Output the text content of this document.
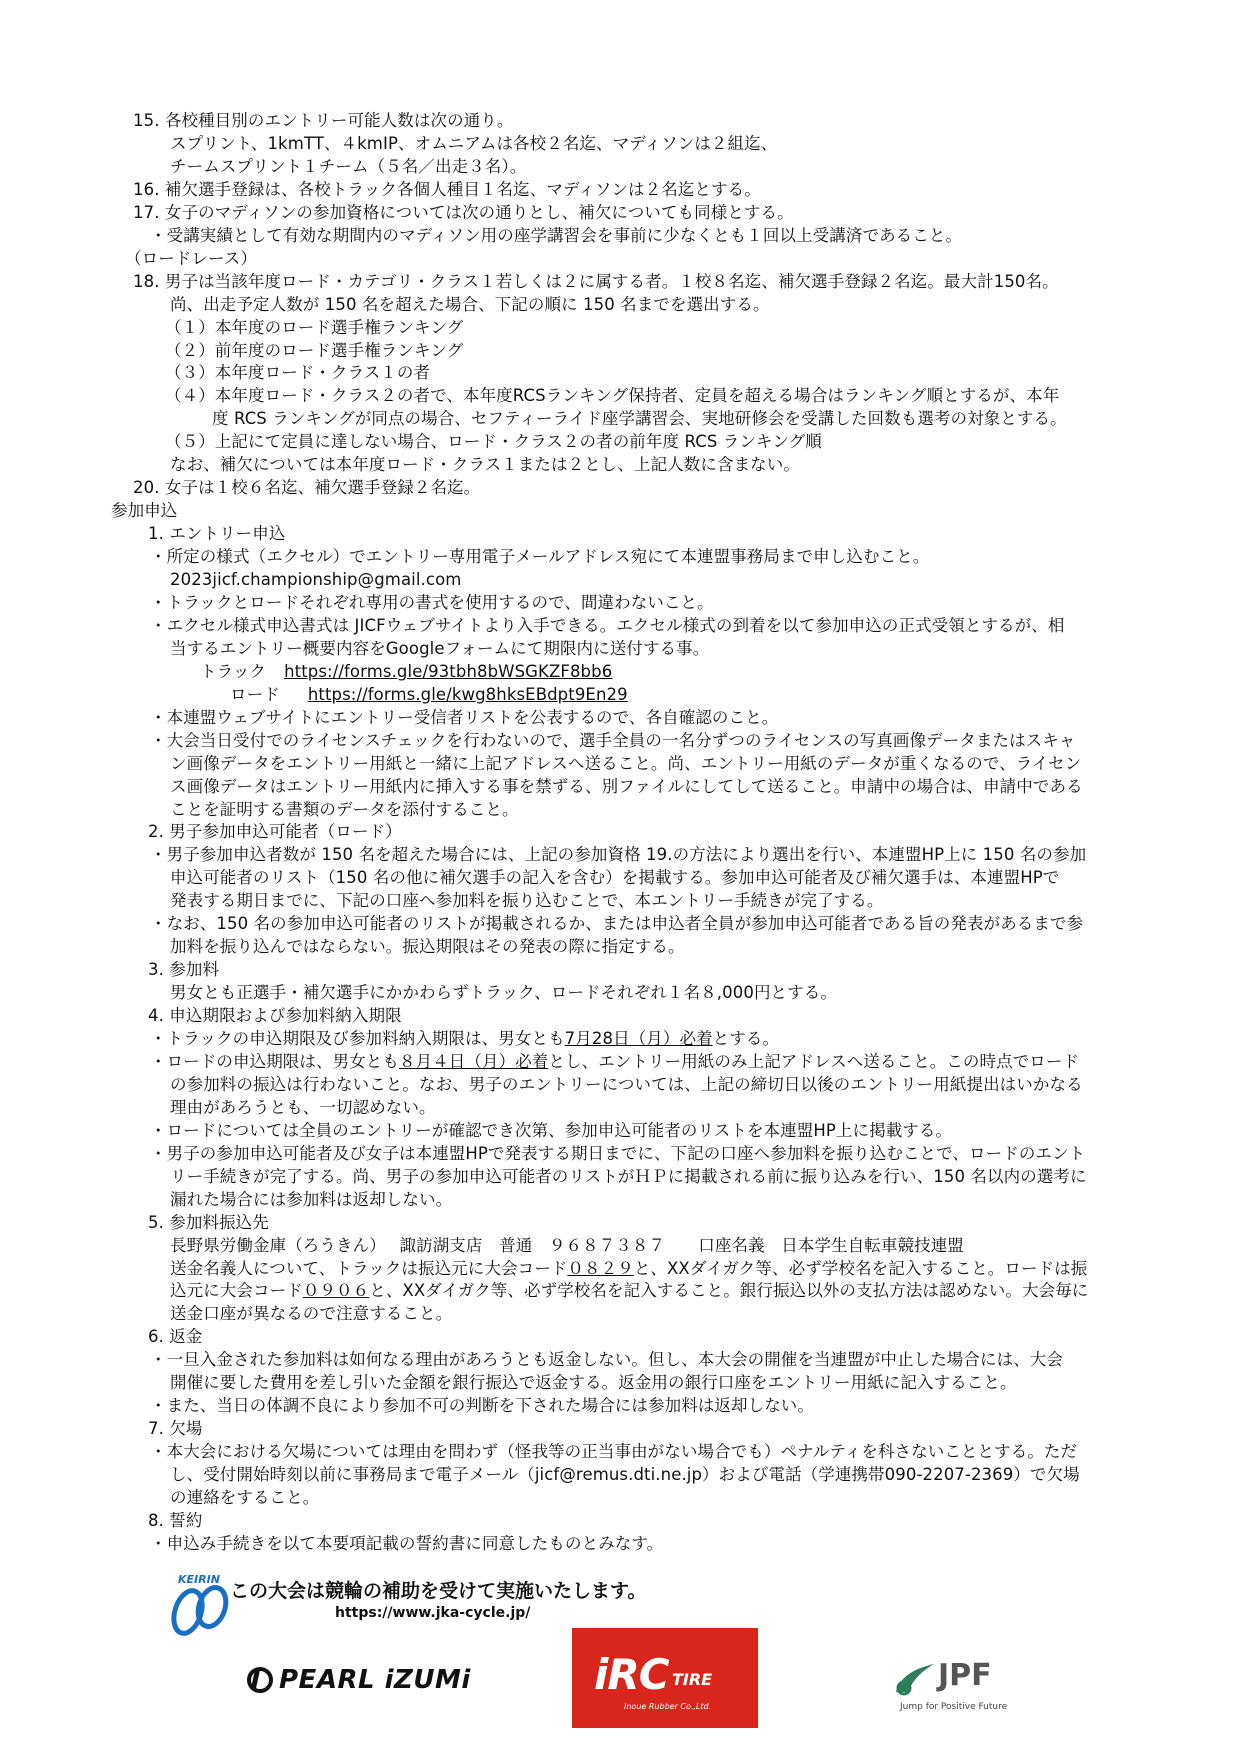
15. 各校種目別のエントリー可能人数は次の通り。
スプリント、1kmTT、４kmIP、オムニアムは各校２名迄、マディソンは２組迄、
チームスプリント１チーム（５名／出走３名）。
16. 補欠選手登録は、各校トラック各個人種目１名迄、マディソンは２名迄とする。
17. 女子のマディソンの参加資格については次の通りとし、補欠についても同様とする。
・受講実績として有効な期間内のマディソン用の座学講習会を事前に少なくとも１回以上受講済であること。
（ロードレース）
18. 男子は当該年度ロード・カテゴリ・クラス１若しくは２に属する者。１校８名迄、補欠選手登録２名迄。最大計150名。
尚、出走予定人数が 150 名を超えた場合、下記の順に 150 名までを選出する。
（１）本年度のロード選手権ランキング
（２）前年度のロード選手権ランキング
（３）本年度ロード・クラス１の者
（４）本年度ロード・クラス２の者で、本年度RCSランキング保持者、定員を超える場合はランキング順とするが、本年
度 RCS ランキングが同点の場合、セフティーライド座学講習会、実地研修会を受講した回数も選考の対象とする。
（５）上記にて定員に達しない場合、ロード・クラス２の者の前年度 RCS ランキング順
なお、補欠については本年度ロード・クラス１または２とし、上記人数に含まない。
20. 女子は１校６名迄、補欠選手登録２名迄。
参加申込
1. エントリー申込
・所定の様式（エクセル）でエントリー専用電子メールアドレス宛にて本連盟事務局まで申し込むこと。
2023jicf.championship@gmail.com
・トラックとロードそれぞれ専用の書式を使用するので、間違わないこと。
・エクセル様式申込書式は JICFウェブサイトより入手できる。エクセル様式の到着を以て参加申込の正式受領とするが、相
当するエントリー概要内容をGoogleフォームにて期限内に送付する事。
トラック https://forms.gle/93tbh8bWSGKZF8bb6
ロード https://forms.gle/kwg8hksEBdpt9En29
・本連盟ウェブサイトにエントリー受信者リストを公表するので、各自確認のこと。
・大会当日受付でのライセンスチェックを行わないので、選手全員の一名分ずつのライセンスの写真画像データまたはスキャ
ン画像データをエントリー用紙と一緒に上記アドレスへ送ること。尚、エントリー用紙のデータが重くなるので、ライセン
ス画像データはエントリー用紙内に挿入する事を禁ずる、別ファイルにしてして送ること。申請中の場合は、申請中である
ことを証明する書類のデータを添付すること。
2. 男子参加申込可能者（ロード）
・男子参加申込者数が 150 名を超えた場合には、上記の参加資格 19.の方法により選出を行い、本連盟HP上に 150 名の参加
申込可能者のリスト（150 名の他に補欠選手の記入を含む）を掲載する。参加申込可能者及び補欠選手は、本連盟HPで
発表する期日までに、下記の口座へ参加料を振り込むことで、本エントリー手続きが完了する。
・なお、150 名の参加申込可能者のリストが掲載されるか、または申込者全員が参加申込可能者である旨の発表があるまで参
加料を振り込んではならない。振込期限はその発表の際に指定する。
3. 参加料
男女とも正選手・補欠選手にかかわらずトラック、ロードそれぞれ１名８,000円とする。
4. 申込期限および参加料納入期限
・トラックの申込期限及び参加料納入期限は、男女とも7月28日（月）必着とする。
・ロードの申込期限は、男女とも８月４日（月）必着とし、エントリー用紙のみ上記アドレスへ送ること。この時点でロード
の参加料の振込は行わないこと。なお、男子のエントリーについては、上記の締切日以後のエントリー用紙提出はいかなる
理由があろうとも、一切認めない。
・ロードについては全員のエントリーが確認でき次第、参加申込可能者のリストを本連盟HP上に掲載する。
・男子の参加申込可能者及び女子は本連盟HPで発表する期日までに、下記の口座へ参加料を振り込むことで、ロードのエント
リー手続きが完了する。尚、男子の参加申込可能者のリストがＨＰに掲載される前に振り込みを行い、150 名以内の選考に
漏れた場合には参加料は返却しない。
5. 参加料振込先
長野県労働金庫（ろうきん）　 諏訪湖支店　普通　９６８７３８７　　口座名義　日本学生自転車競技連盟
送金名義人について、トラックは振込元に大会コード０８２９と、XXダイガク等、必ず学校名を記入すること。ロードは振
込元に大会コード０９０６と、XXダイガク等、必ず学校名を記入すること。銀行振込以外の支払方法は認めない。大会毎に
送金口座が異なるので注意すること。
6. 返金
・一旦入金された参加料は如何なる理由があろうとも返金しない。但し、本大会の開催を当連盟が中止した場合には、大会
開催に要した費用を差し引いた金額を銀行振込で返金する。返金用の銀行口座をエントリー用紙に記入すること。
・また、当日の体調不良により参加不可の判断を下された場合には参加料は返却しない。
7. 欠場
・本大会における欠場については理由を問わず（怪我等の正当事由がない場合でも）ペナルティを科さないこととする。ただ
し、受付開始時刻以前に事務局まで電子メール（jicf@remus.dti.ne.jp）および電話（学連携帯090-2207-2369）で欠場
の連絡をすること。
8. 誓約
・申込み手続きを以て本要項記載の誓約書に同意したものとみなす。
KEIRIN
この大会は競輪の補助を受けて実施いたします。
https://www.jka-cycle.jp/
PEARL iZUMi	iRC TIRE
Inoue Rubber Co.,Ltd.
JPF
Jump for Positive Future
